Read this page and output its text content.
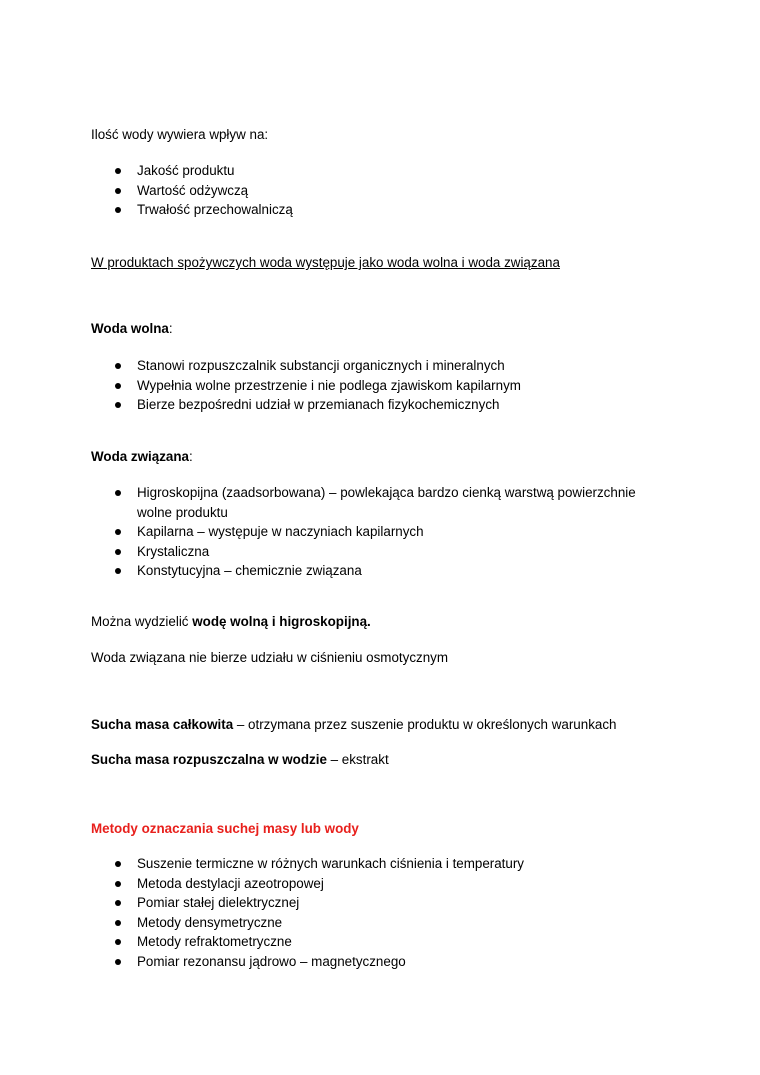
Ilość wody wywiera wpływ na:
Jakość produktu
Wartość odżywczą
Trwałość przechowalniczą
W produktach spożywczych woda występuje jako woda wolna i woda związana
Woda wolna:
Stanowi rozpuszczalnik substancji organicznych i mineralnych
Wypełnia wolne przestrzenie i nie podlega zjawiskom kapilarnym
Bierze bezpośredni udział w przemianach fizykochemicznych
Woda związana:
Higroskopijna (zaadsorbowana) – powlekająca bardzo cienką warstwą powierzchnie
wolne produktu
Kapilarna – występuje w naczyniach kapilarnych
Krystaliczna
Konstytucyjna – chemicznie związana
Można wydzielić wodę wolną i higroskopijną.
Woda związana nie bierze udziału w ciśnieniu osmotycznym
Sucha masa całkowita – otrzymana przez suszenie produktu w określonych warunkach
Sucha masa rozpuszczalna w wodzie – ekstrakt
Metody oznaczania suchej masy lub wody
Suszenie termiczne w różnych warunkach ciśnienia i temperatury
Metoda destylacji azeotropowej
Pomiar stałej dielektrycznej
Metody densymetryczne
Metody refraktometryczne
Pomiar rezonansu jądrowo – magnetycznego
